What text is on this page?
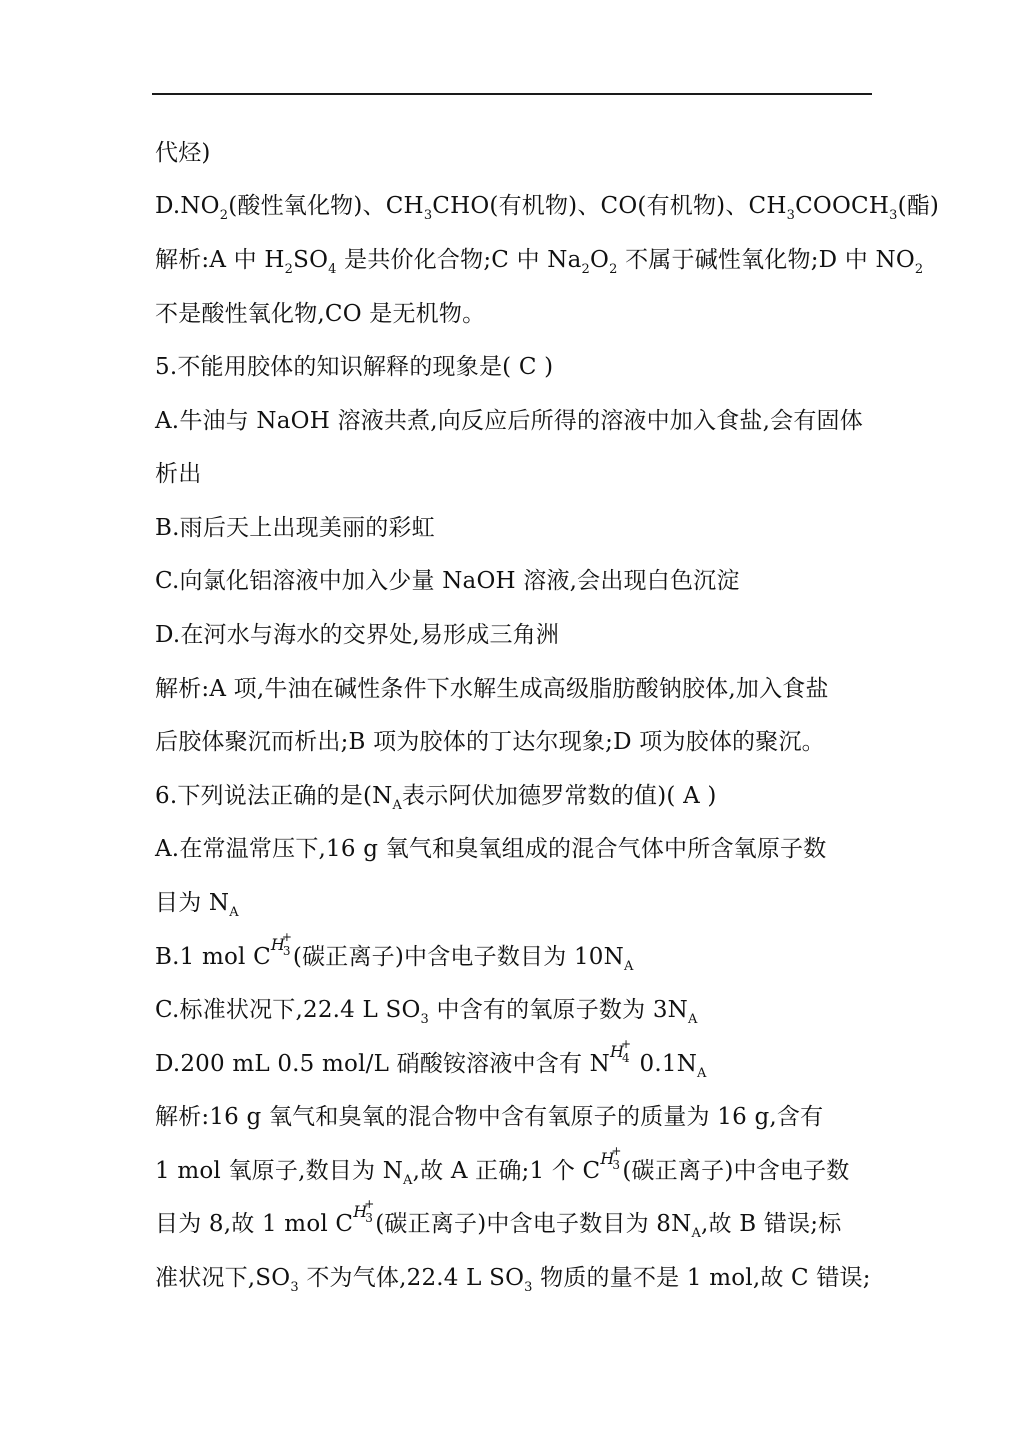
代烃)
$D.NO_2$(酸性氧化物)、$CH_3CHO$(有机物)、CO(有机物)、$CH_3COOCH_3$(酯)
解析:A 中 $H_2SO_4$ 是共价化合物;C 中 $Na_2O_2$ 不属于碱性氧化物;D 中 $NO_2$
不是酸性氧化物,CO 是无机物。
5.不能用胶体的知识解释的现象是( C )
A.牛油与 NaOH 溶液共煮,向反应后所得的溶液中加入食盐,会有固体
析出
B.雨后天上出现美丽的彩虹
C.向氯化铝溶液中加入少量 NaOH 溶液,会出现白色沉淀
D.在河水与海水的交界处,易形成三角洲
解析:A 项,牛油在碱性条件下水解生成高级脂肪酸钠胶体,加入食盐
后胶体聚沉而析出;B 项为胶体的丁达尔现象;D 项为胶体的聚沉。
6.下列说法正确的是($N_A$表示阿伏加德罗常数的值)( A )
A.在常温常压下,16 g 氧气和臭氧组成的混合气体中所含氧原子数
目为 $N_A$
B.1 mol C H
+
3 (碳正离子)中含电子数目为 $10N_A$
C.标准状况下,22.4 L $SO_3$ 中含有的氧原子数为 $3N_A$
D.200 mL 0.5 mol/L 硝酸铵溶液中含有 N H
+
4 $0.1N_A$
解析:16 g 氧气和臭氧的混合物中含有氧原子的质量为 16 g,含有
1 mol 氧原子,数目为 $N_A$,故 A 正确;1 个 C H
+
3 (碳正离子)中含电子数
目为 8,故 1 mol C H
+
3 (碳正离子)中含电子数目为 $8N_A$,故 B 错误;标
准状况下$,SO_3$ 不为气体,22.4 L $SO_3$ 物质的量不是 1 mol,故 C 错误;
